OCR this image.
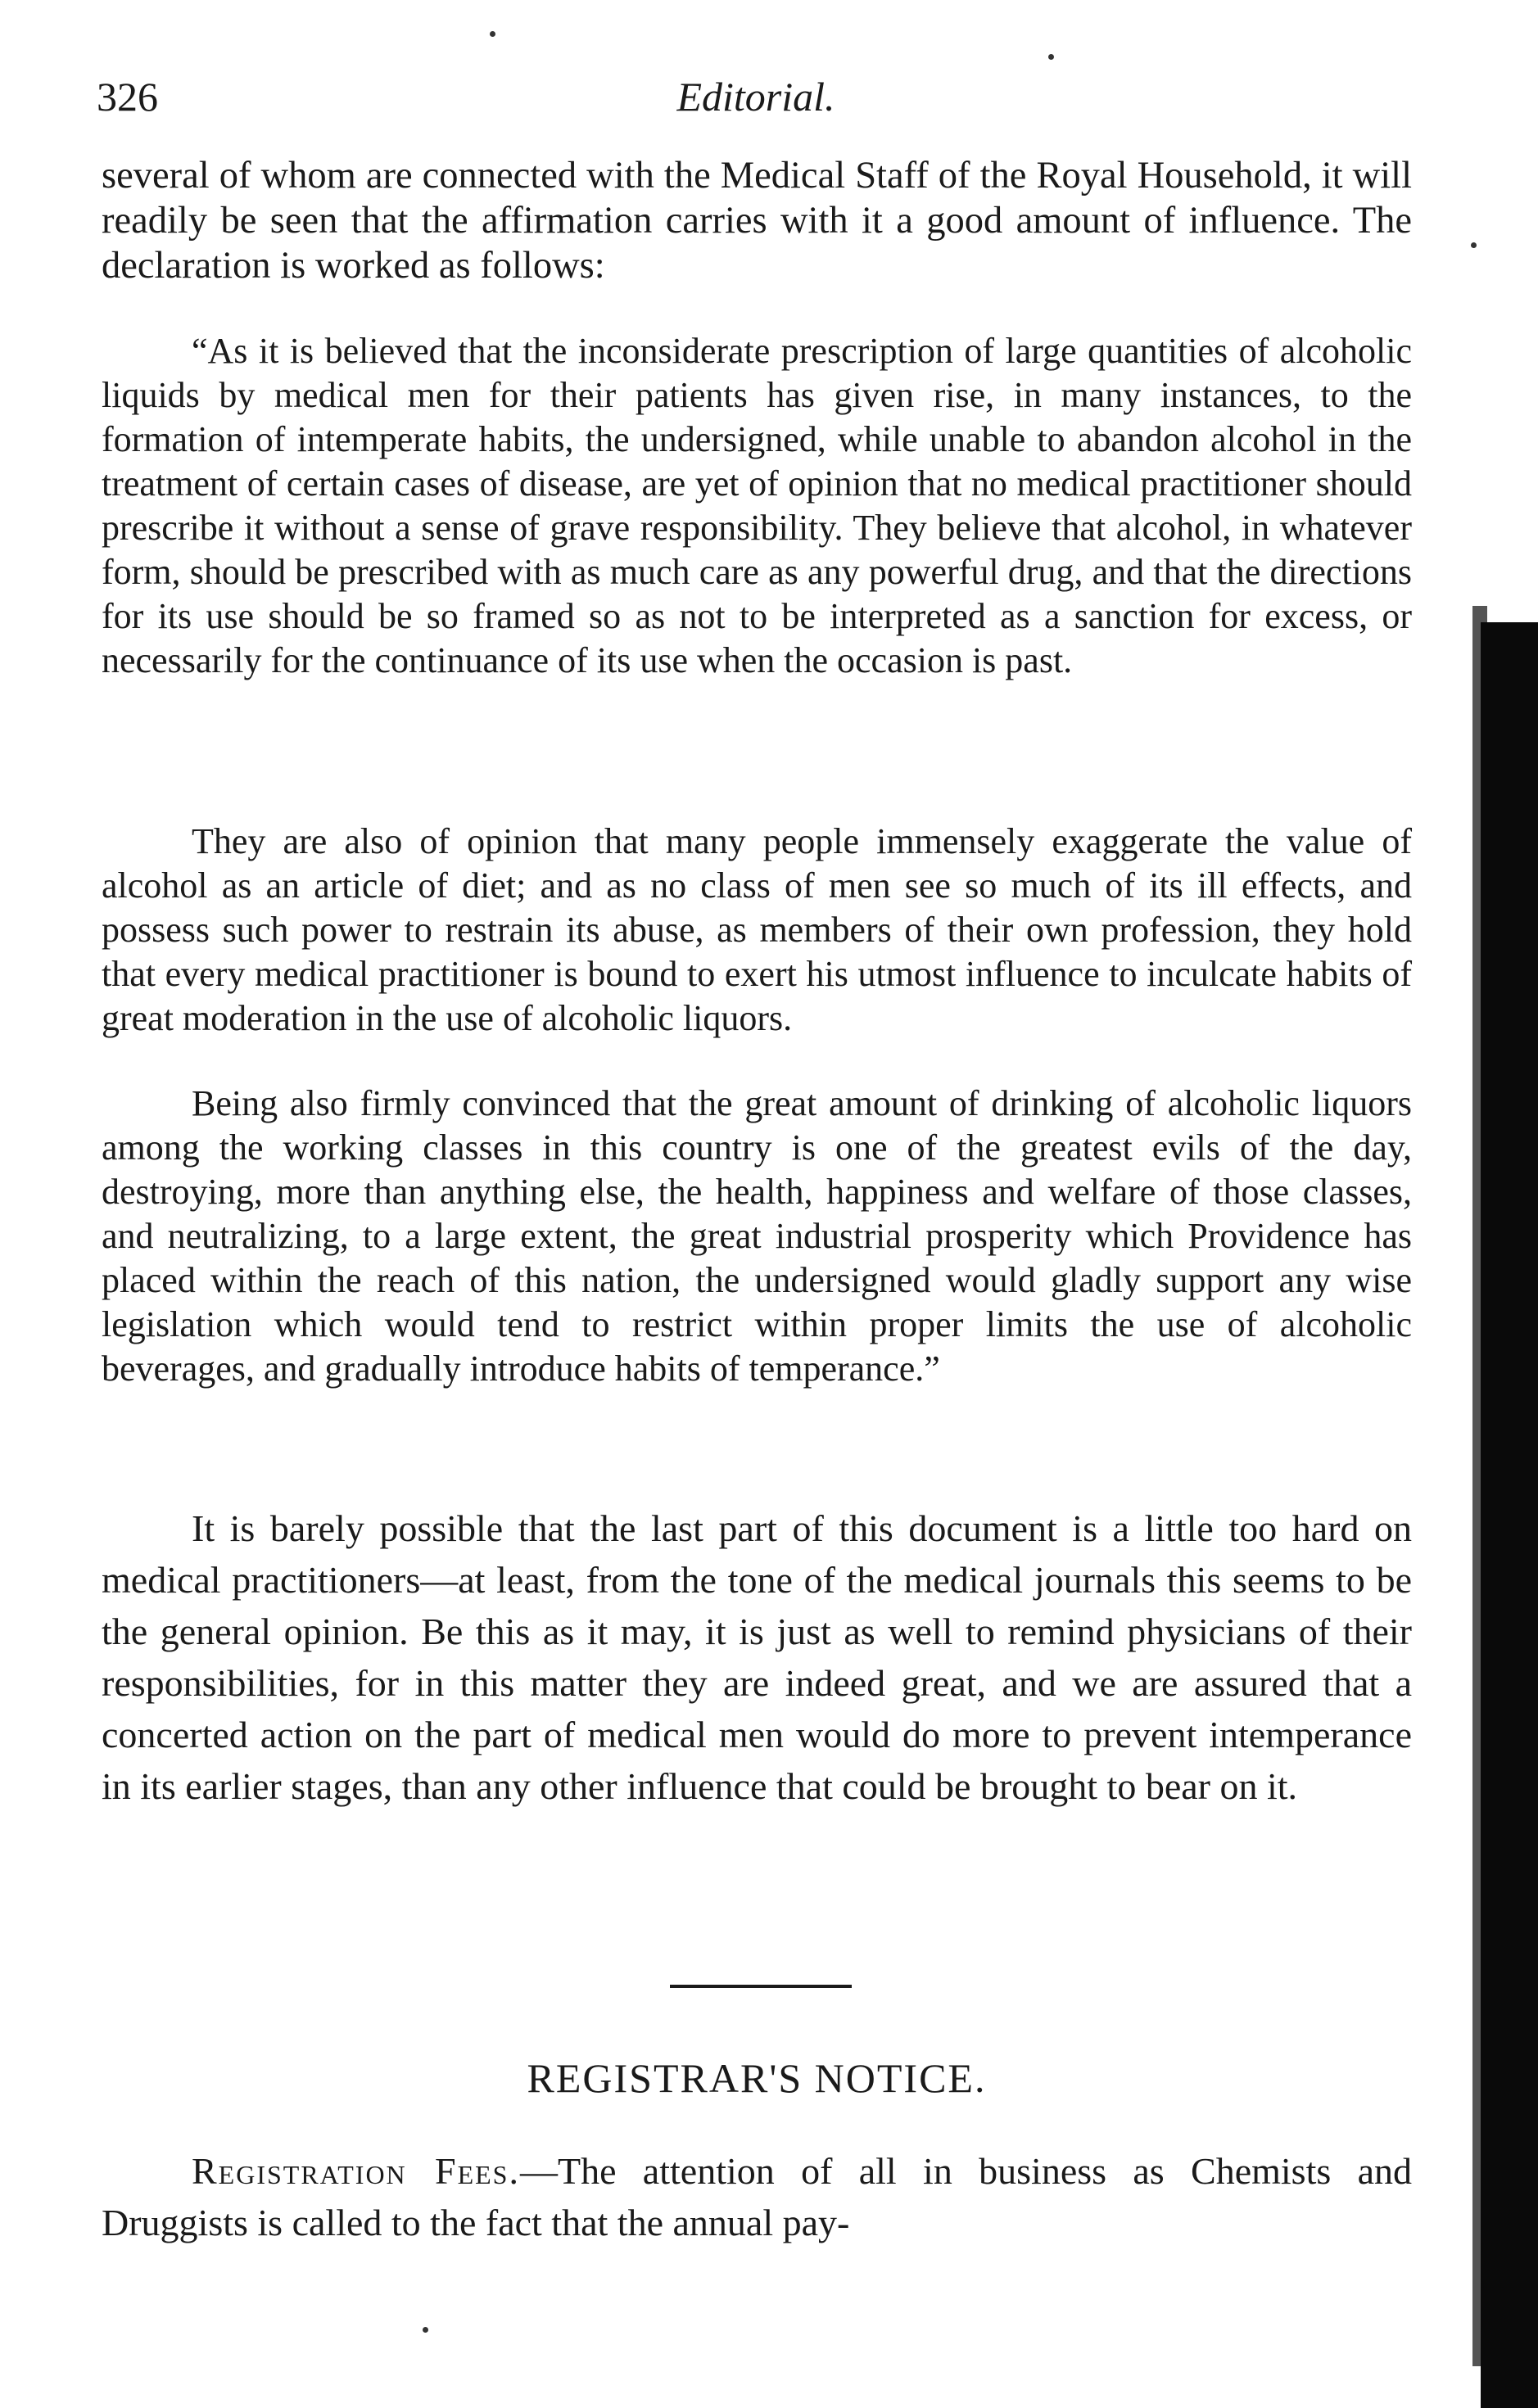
326	Editorial.

several of whom are connected with the Medical Staff of the Royal Household, it will readily be seen that the affirmation carries with it a good amount of influence. The declaration is worked as follows:

“As it is believed that the inconsiderate prescription of large quantities of alcoholic liquids by medical men for their patients has given rise, in many instances, to the formation of intemperate habits, the undersigned, while unable to abandon alcohol in the treatment of certain cases of disease, are yet of opinion that no medical practitioner should prescribe it without a sense of grave responsibility. They believe that alcohol, in whatever form, should be prescribed with as much care as any powerful drug, and that the directions for its use should be so framed so as not to be interpreted as a sanction for excess, or necessarily for the continuance of its use when the occasion is past.

They are also of opinion that many people immensely exaggerate the value of alcohol as an article of diet; and as no class of men see so much of its ill effects, and possess such power to restrain its abuse, as members of their own profession, they hold that every medical practitioner is bound to exert his utmost influence to inculcate habits of great moderation in the use of alcoholic liquors.

Being also firmly convinced that the great amount of drinking of alcoholic liquors among the working classes in this country is one of the greatest evils of the day, destroying, more than anything else, the health, happiness and welfare of those classes, and neutralizing, to a large extent, the great industrial prosperity which Providence has placed within the reach of this nation, the undersigned would gladly support any wise legislation which would tend to restrict within proper limits the use of alcoholic beverages, and gradually introduce habits of temperance.”

It is barely possible that the last part of this document is a little too hard on medical practitioners—at least, from the tone of the medical journals this seems to be the general opinion. Be this as it may, it is just as well to remind physicians of their responsibilities, for in this matter they are indeed great, and we are assured that a concerted action on the part of medical men would do more to prevent intemperance in its earlier stages, than any other influence that could be brought to bear on it.

REGISTRAR'S NOTICE.

Registration Fees.—The attention of all in business as Chemists and Druggists is called to the fact that the annual pay-
